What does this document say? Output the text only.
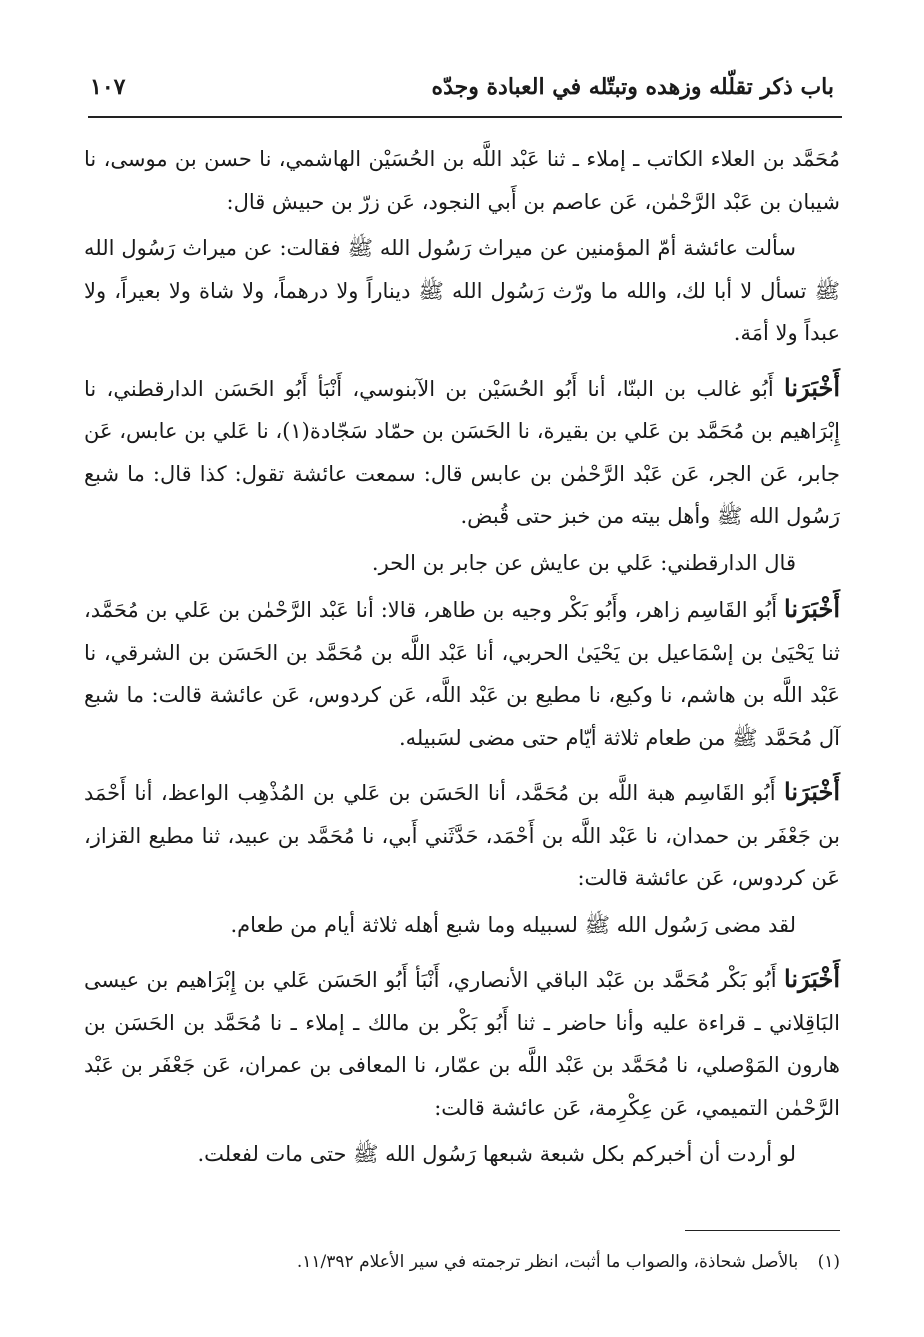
باب ذكر تقلّله وزهده وتبتّله في العبادة وجدّه
١٠٧

مُحَمَّد بن العلاء الكاتب ـ إملاء ـ ثنا عَبْد اللَّه بن الحُسَيْن الهاشمي، نا حسن بن موسى، نا شيبان بن عَبْد الرَّحْمٰن، عَن عاصم بن أَبي النجود، عَن زرّ بن حبيش قال:

سألت عائشة أمّ المؤمنين عن ميراث رَسُول الله ﷺ فقالت: عن ميراث رَسُول الله ﷺ تسأل لا أبا لك، والله ما ورّث رَسُول الله ﷺ ديناراً ولا درهماً، ولا شاة ولا بعيراً، ولا عبداً ولا أمَة.

أَخْبَرَنا أَبُو غالب بن البنّا، أنا أَبُو الحُسَيْن بن الآبنوسي، أَنْبَأ أَبُو الحَسَن الدارقطني، نا إِبْرَاهيم بن مُحَمَّد بن عَلي بن بقيرة، نا الحَسَن بن حمّاد سَجّادة(١)، نا عَلي بن عابس، عَن جابر، عَن الجر، عَن عَبْد الرَّحْمٰن بن عابس قال: سمعت عائشة تقول: كذا قال: ما شبع رَسُول الله ﷺ وأهل بيته من خبز حتى قُبض.

قال الدارقطني: عَلي بن عايش عن جابر بن الحر.

أَخْبَرَنا أَبُو القَاسِم زاهر، وأَبُو بَكْر وجيه بن طاهر، قالا: أنا عَبْد الرَّحْمٰن بن عَلي بن مُحَمَّد، ثنا يَحْيَىٰ بن إسْمَاعيل بن يَحْيَىٰ الحربي، أنا عَبْد اللَّه بن مُحَمَّد بن الحَسَن بن الشرقي، نا عَبْد اللَّه بن هاشم، نا وكيع، نا مطيع بن عَبْد اللَّه، عَن كردوس، عَن عائشة قالت: ما شبع آل مُحَمَّد ﷺ من طعام ثلاثة أيّام حتى مضى لسَبيله.

أَخْبَرَنا أَبُو القَاسِم هبة اللَّه بن مُحَمَّد، أنا الحَسَن بن عَلي بن المُذْهِب الواعظ، أنا أَحْمَد بن جَعْفَر بن حمدان، نا عَبْد اللَّه بن أَحْمَد، حَدَّثَني أَبي، نا مُحَمَّد بن عبيد، ثنا مطيع القزاز، عَن كردوس، عَن عائشة قالت:

لقد مضى رَسُول الله ﷺ لسبيله وما شبع أهله ثلاثة أيام من طعام.

أَخْبَرَنا أَبُو بَكْر مُحَمَّد بن عَبْد الباقي الأنصاري، أَنْبَأ أَبُو الحَسَن عَلي بن إِبْرَاهيم بن عيسى البَاقِلاني ـ قراءة عليه وأنا حاضر ـ ثنا أَبُو بَكْر بن مالك ـ إملاء ـ نا مُحَمَّد بن الحَسَن بن هارون المَوْصلي، نا مُحَمَّد بن عَبْد اللَّه بن عمّار، نا المعافى بن عمران، عَن جَعْفَر بن عَبْد الرَّحْمٰن التميمي، عَن عِكْرِمة، عَن عائشة قالت:

لو أردت أن أخبركم بكل شبعة شبعها رَسُول الله ﷺ حتى مات لفعلت.

(١) بالأصل شحاذة، والصواب ما أثبت، انظر ترجمته في سير الأعلام ١١/٣٩٢.
